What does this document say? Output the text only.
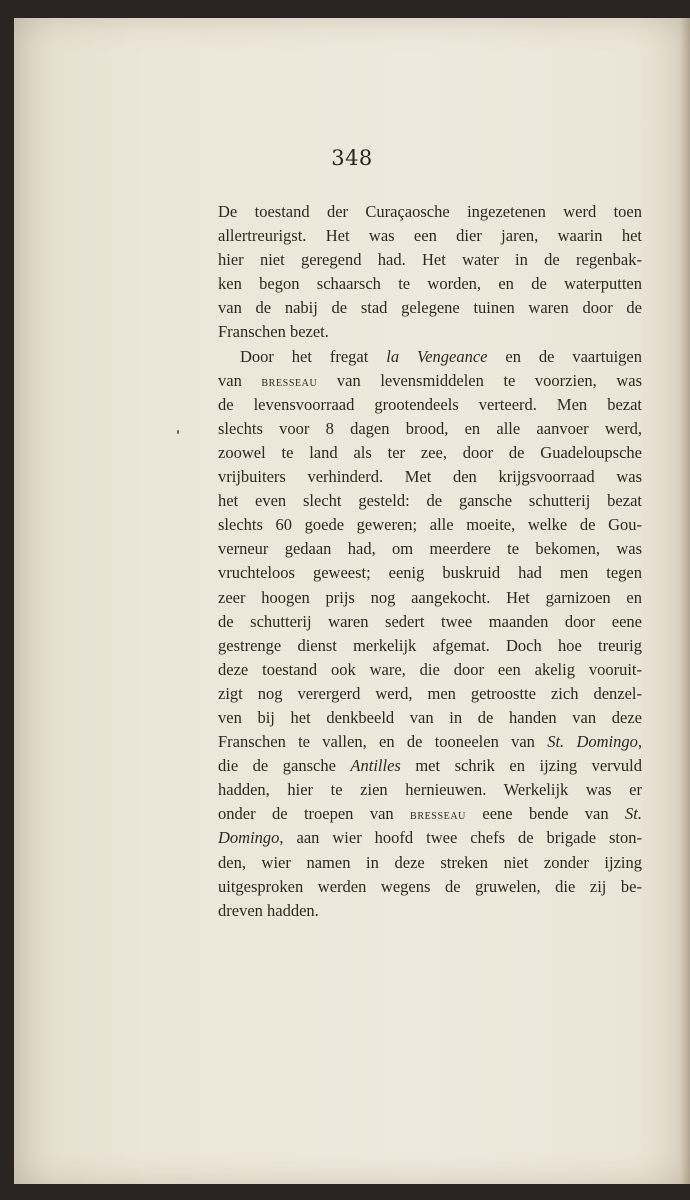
348
De toestand der Curaçaosche ingezetenen werd toen
allertreurigst. Het was een dier jaren, waarin het
hier niet geregend had. Het water in de regenbak-
ken begon schaarsch te worden, en de waterputten
van de nabij de stad gelegene tuinen waren door de
Franschen bezet.
Door het fregat la Vengeance en de vaartuigen
van bresseau van levensmiddelen te voorzien, was
de levensvoorraad grootendeels verteerd. Men bezat
slechts voor 8 dagen brood, en alle aanvoer werd,
zoowel te land als ter zee, door de Guadeloupsche
vrijbuiters verhinderd. Met den krijgsvoorraad was
het even slecht gesteld: de gansche schutterij bezat
slechts 60 goede geweren; alle moeite, welke de Gou-
verneur gedaan had, om meerdere te bekomen, was
vruchteloos geweest; eenig buskruid had men tegen
zeer hoogen prijs nog aangekocht. Het garnizoen en
de schutterij waren sedert twee maanden door eene
gestrenge dienst merkelijk afgemat. Doch hoe treurig
deze toestand ook ware, die door een akelig vooruit-
zigt nog verergerd werd, men getroostte zich denzel-
ven bij het denkbeeld van in de handen van deze
Franschen te vallen, en de tooneelen van St. Domingo,
die de gansche Antilles met schrik en ijzing vervuld
hadden, hier te zien hernieuwen. Werkelijk was er
onder de troepen van bresseau eene bende van St.
Domingo, aan wier hoofd twee chefs de brigade ston-
den, wier namen in deze streken niet zonder ijzing
uitgesproken werden wegens de gruwelen, die zij be-
dreven hadden.
